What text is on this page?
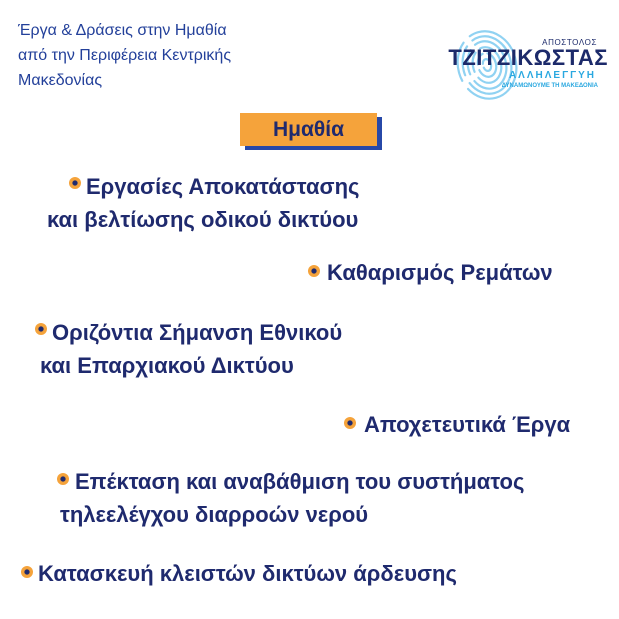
Έργα & Δράσεις στην Ημαθία
από την Περιφέρεια Κεντρικής
Μακεδονίας
ΑΠΟΣΤΟΛΟΣ
ΤΖΙΤΖΙΚΩΣΤΑΣ
ΑΛΛΗΛΕΓΓΥΗ
ΔΥΝΑΜΩΝΟΥΜΕ ΤΗ ΜΑΚΕΔΟΝΙΑ
Ημαθία
Εργασίες Αποκατάστασης
και βελτίωσης οδικού δικτύου
Καθαρισμός Ρεμάτων
Οριζόντια Σήμανση Εθνικού
και Επαρχιακού Δικτύου
Αποχετευτικά Έργα
Επέκταση και αναβάθμιση του συστήματος
τηλεελέγχου διαρροών νερού
Κατασκευή κλειστών δικτύων άρδευσης
